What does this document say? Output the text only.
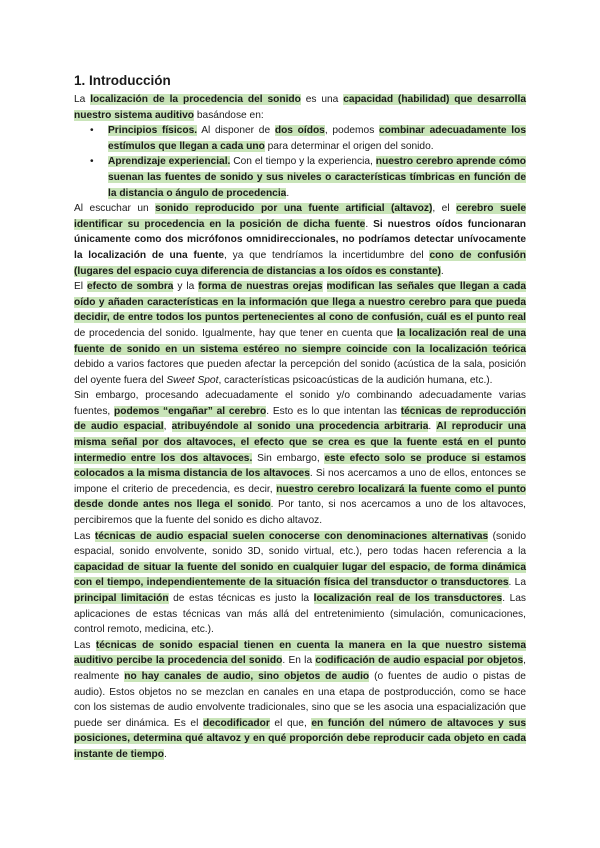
1. Introducción

La localización de la procedencia del sonido es una capacidad (habilidad) que desarrolla nuestro sistema auditivo basándose en:

• Principios físicos. Al disponer de dos oídos, podemos combinar adecuadamente los estímulos que llegan a cada uno para determinar el origen del sonido.
• Aprendizaje experiencial. Con el tiempo y la experiencia, nuestro cerebro aprende cómo suenan las fuentes de sonido y sus niveles o características tímbricas en función de la distancia o ángulo de procedencia.

Al escuchar un sonido reproducido por una fuente artificial (altavoz), el cerebro suele identificar su procedencia en la posición de dicha fuente. Si nuestros oídos funcionaran únicamente como dos micrófonos omnidireccionales, no podríamos detectar unívocamente la localización de una fuente, ya que tendríamos la incertidumbre del cono de confusión (lugares del espacio cuya diferencia de distancias a los oídos es constante).

El efecto de sombra y la forma de nuestras orejas modifican las señales que llegan a cada oído y añaden características en la información que llega a nuestro cerebro para que pueda decidir, de entre todos los puntos pertenecientes al cono de confusión, cuál es el punto real de procedencia del sonido. Igualmente, hay que tener en cuenta que la localización real de una fuente de sonido en un sistema estéreo no siempre coincide con la localización teórica debido a varios factores que pueden afectar la percepción del sonido (acústica de la sala, posición del oyente fuera del Sweet Spot, características psicoacústicas de la audición humana, etc.).

Sin embargo, procesando adecuadamente el sonido y/o combinando adecuadamente varias fuentes, podemos “engañar” al cerebro. Esto es lo que intentan las técnicas de reproducción de audio espacial, atribuyéndole al sonido una procedencia arbitraria. Al reproducir una misma señal por dos altavoces, el efecto que se crea es que la fuente está en el punto intermedio entre los dos altavoces. Sin embargo, este efecto solo se produce si estamos colocados a la misma distancia de los altavoces. Si nos acercamos a uno de ellos, entonces se impone el criterio de precedencia, es decir, nuestro cerebro localizará la fuente como el punto desde donde antes nos llega el sonido. Por tanto, si nos acercamos a uno de los altavoces, percibiremos que la fuente del sonido es dicho altavoz.

Las técnicas de audio espacial suelen conocerse con denominaciones alternativas (sonido espacial, sonido envolvente, sonido 3D, sonido virtual, etc.), pero todas hacen referencia a la capacidad de situar la fuente del sonido en cualquier lugar del espacio, de forma dinámica con el tiempo, independientemente de la situación física del transductor o transductores. La principal limitación de estas técnicas es justo la localización real de los transductores. Las aplicaciones de estas técnicas van más allá del entretenimiento (simulación, comunicaciones, control remoto, medicina, etc.).

Las técnicas de sonido espacial tienen en cuenta la manera en la que nuestro sistema auditivo percibe la procedencia del sonido. En la codificación de audio espacial por objetos, realmente no hay canales de audio, sino objetos de audio (o fuentes de audio o pistas de audio). Estos objetos no se mezclan en canales en una etapa de postproducción, como se hace con los sistemas de audio envolvente tradicionales, sino que se les asocia una espacialización que puede ser dinámica. Es el decodificador el que, en función del número de altavoces y sus posiciones, determina qué altavoz y en qué proporción debe reproducir cada objeto en cada instante de tiempo.
